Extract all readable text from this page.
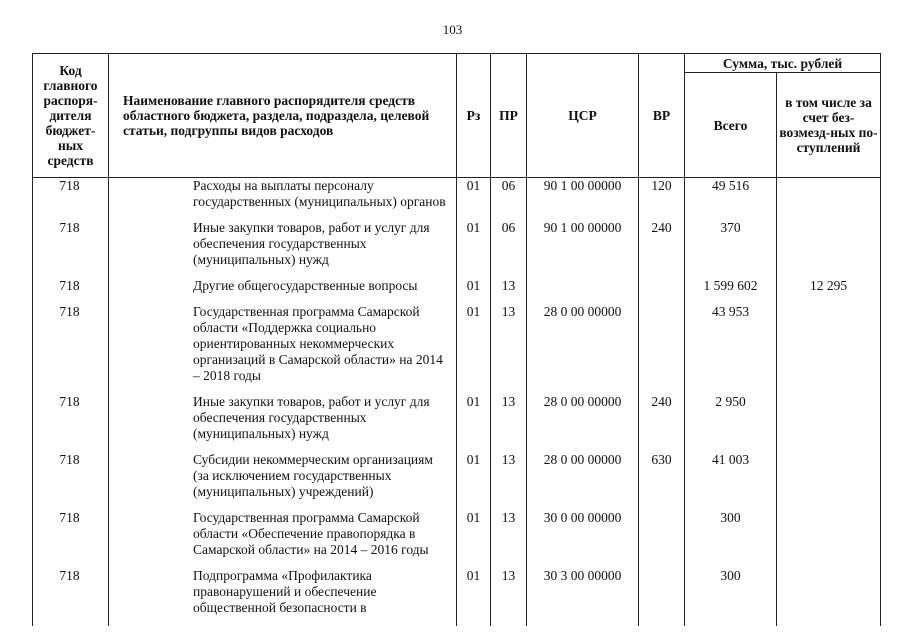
103
Код главного распоря-дителя бюджет-ных средств	Наименование главного распорядителя средств областного бюджета, раздела, подраздела, целевой статьи, подгруппы видов расходов	Рз	ПР	ЦСР	ВР	Сумма, тыс. рублей	
						Всего	в том числе за счет без-возмезд-ных по-ступлений
718	Расходы на выплаты персоналу государственных (муниципальных) органов	01	06	90 1 00 00000	120	49 516	
718	Иные закупки товаров, работ и услуг для обеспечения государственных (муниципальных) нужд	01	06	90 1 00 00000	240	370	
718	Другие общегосударственные вопросы	01	13			1 599 602	12 295
718	Государственная программа Самарской области «Поддержка социально ориентированных некоммерческих организаций в Самарской области» на 2014 – 2018 годы	01	13	28 0 00 00000		43 953	
718	Иные закупки товаров, работ и услуг для обеспечения государственных (муниципальных) нужд	01	13	28 0 00 00000	240	2 950	
718	Субсидии некоммерческим организациям (за исключением государственных (муниципальных) учреждений)	01	13	28 0 00 00000	630	41 003	
718	Государственная программа Самарской области «Обеспечение правопорядка в Самарской области» на 2014 – 2016 годы	01	13	30 0 00 00000		300	
718	Подпрограмма «Профилактика правонарушений и обеспечение общественной безопасности в	01	13	30 3 00 00000		300	
